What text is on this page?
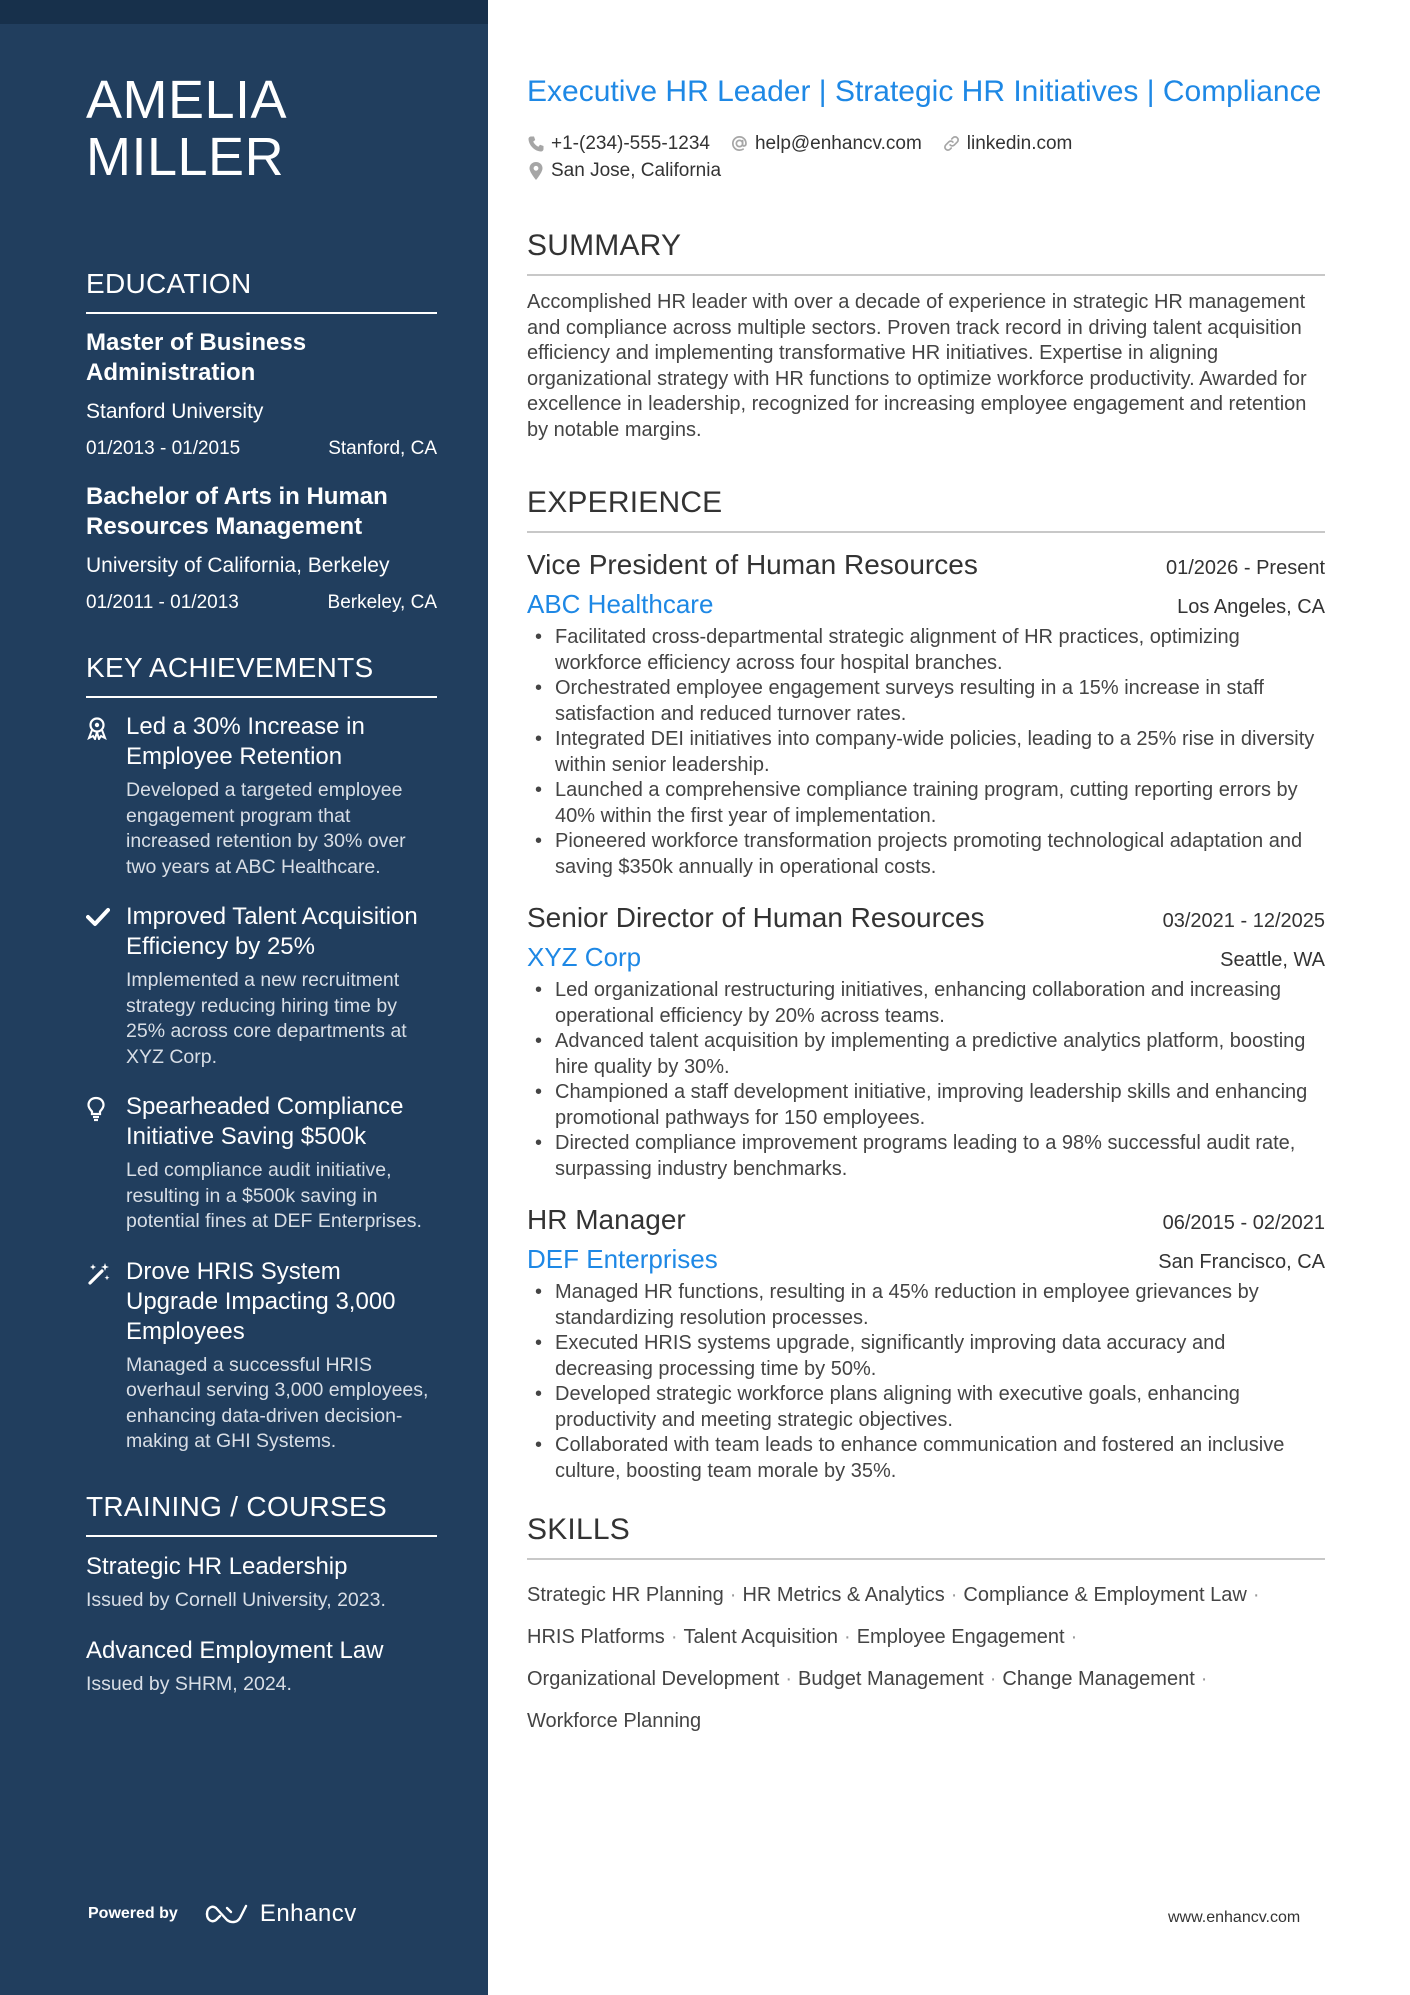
AMELIA
MILLER
EDUCATION
Master of Business Administration
Stanford University
01/2013 - 01/2015	Stanford, CA
Bachelor of Arts in Human Resources Management
University of California, Berkeley
01/2011 - 01/2013	Berkeley, CA
KEY ACHIEVEMENTS
Led a 30% Increase in Employee Retention
Developed a targeted employee engagement program that increased retention by 30% over two years at ABC Healthcare.
Improved Talent Acquisition Efficiency by 25%
Implemented a new recruitment strategy reducing hiring time by 25% across core departments at XYZ Corp.
Spearheaded Compliance Initiative Saving $500k
Led compliance audit initiative, resulting in a $500k saving in potential fines at DEF Enterprises.
Drove HRIS System Upgrade Impacting 3,000 Employees
Managed a successful HRIS overhaul serving 3,000 employees, enhancing data-driven decision-making at GHI Systems.
TRAINING / COURSES
Strategic HR Leadership
Issued by Cornell University, 2023.
Advanced Employment Law
Issued by SHRM, 2024.
Powered by	Enhancv
Executive HR Leader | Strategic HR Initiatives | Compliance
+1-(234)-555-1234 help@enhancv.com linkedin.com
San Jose, California
SUMMARY

Accomplished HR leader with over a decade of experience in strategic HR management and compliance across multiple sectors. Proven track record in driving talent acquisition efficiency and implementing transformative HR initiatives. Expertise in aligning organizational strategy with HR functions to optimize workforce productivity. Awarded for excellence in leadership, recognized for increasing employee engagement and retention by notable margins.

EXPERIENCE
Vice President of Human Resources	01/2026 - Present
ABC Healthcare	Los Angeles, CA
• Facilitated cross-departmental strategic alignment of HR practices, optimizing workforce efficiency across four hospital branches.
• Orchestrated employee engagement surveys resulting in a 15% increase in staff satisfaction and reduced turnover rates.
• Integrated DEI initiatives into company-wide policies, leading to a 25% rise in diversity within senior leadership.
• Launched a comprehensive compliance training program, cutting reporting errors by 40% within the first year of implementation.
• Pioneered workforce transformation projects promoting technological adaptation and saving $350k annually in operational costs.
Senior Director of Human Resources	03/2021 - 12/2025
XYZ Corp	Seattle, WA
• Led organizational restructuring initiatives, enhancing collaboration and increasing operational efficiency by 20% across teams.
• Advanced talent acquisition by implementing a predictive analytics platform, boosting hire quality by 30%.
• Championed a staff development initiative, improving leadership skills and enhancing promotional pathways for 150 employees.
• Directed compliance improvement programs leading to a 98% successful audit rate, surpassing industry benchmarks.
HR Manager	06/2015 - 02/2021
DEF Enterprises	San Francisco, CA
• Managed HR functions, resulting in a 45% reduction in employee grievances by standardizing resolution processes.
• Executed HRIS systems upgrade, significantly improving data accuracy and decreasing processing time by 50%.
• Developed strategic workforce plans aligning with executive goals, enhancing productivity and meeting strategic objectives.
• Collaborated with team leads to enhance communication and fostered an inclusive culture, boosting team morale by 35%.
SKILLS
Strategic HR Planning · HR Metrics & Analytics · Compliance & Employment Law ·
HRIS Platforms · Talent Acquisition · Employee Engagement ·
Organizational Development · Budget Management · Change Management ·
Workforce Planning
www.enhancv.com
